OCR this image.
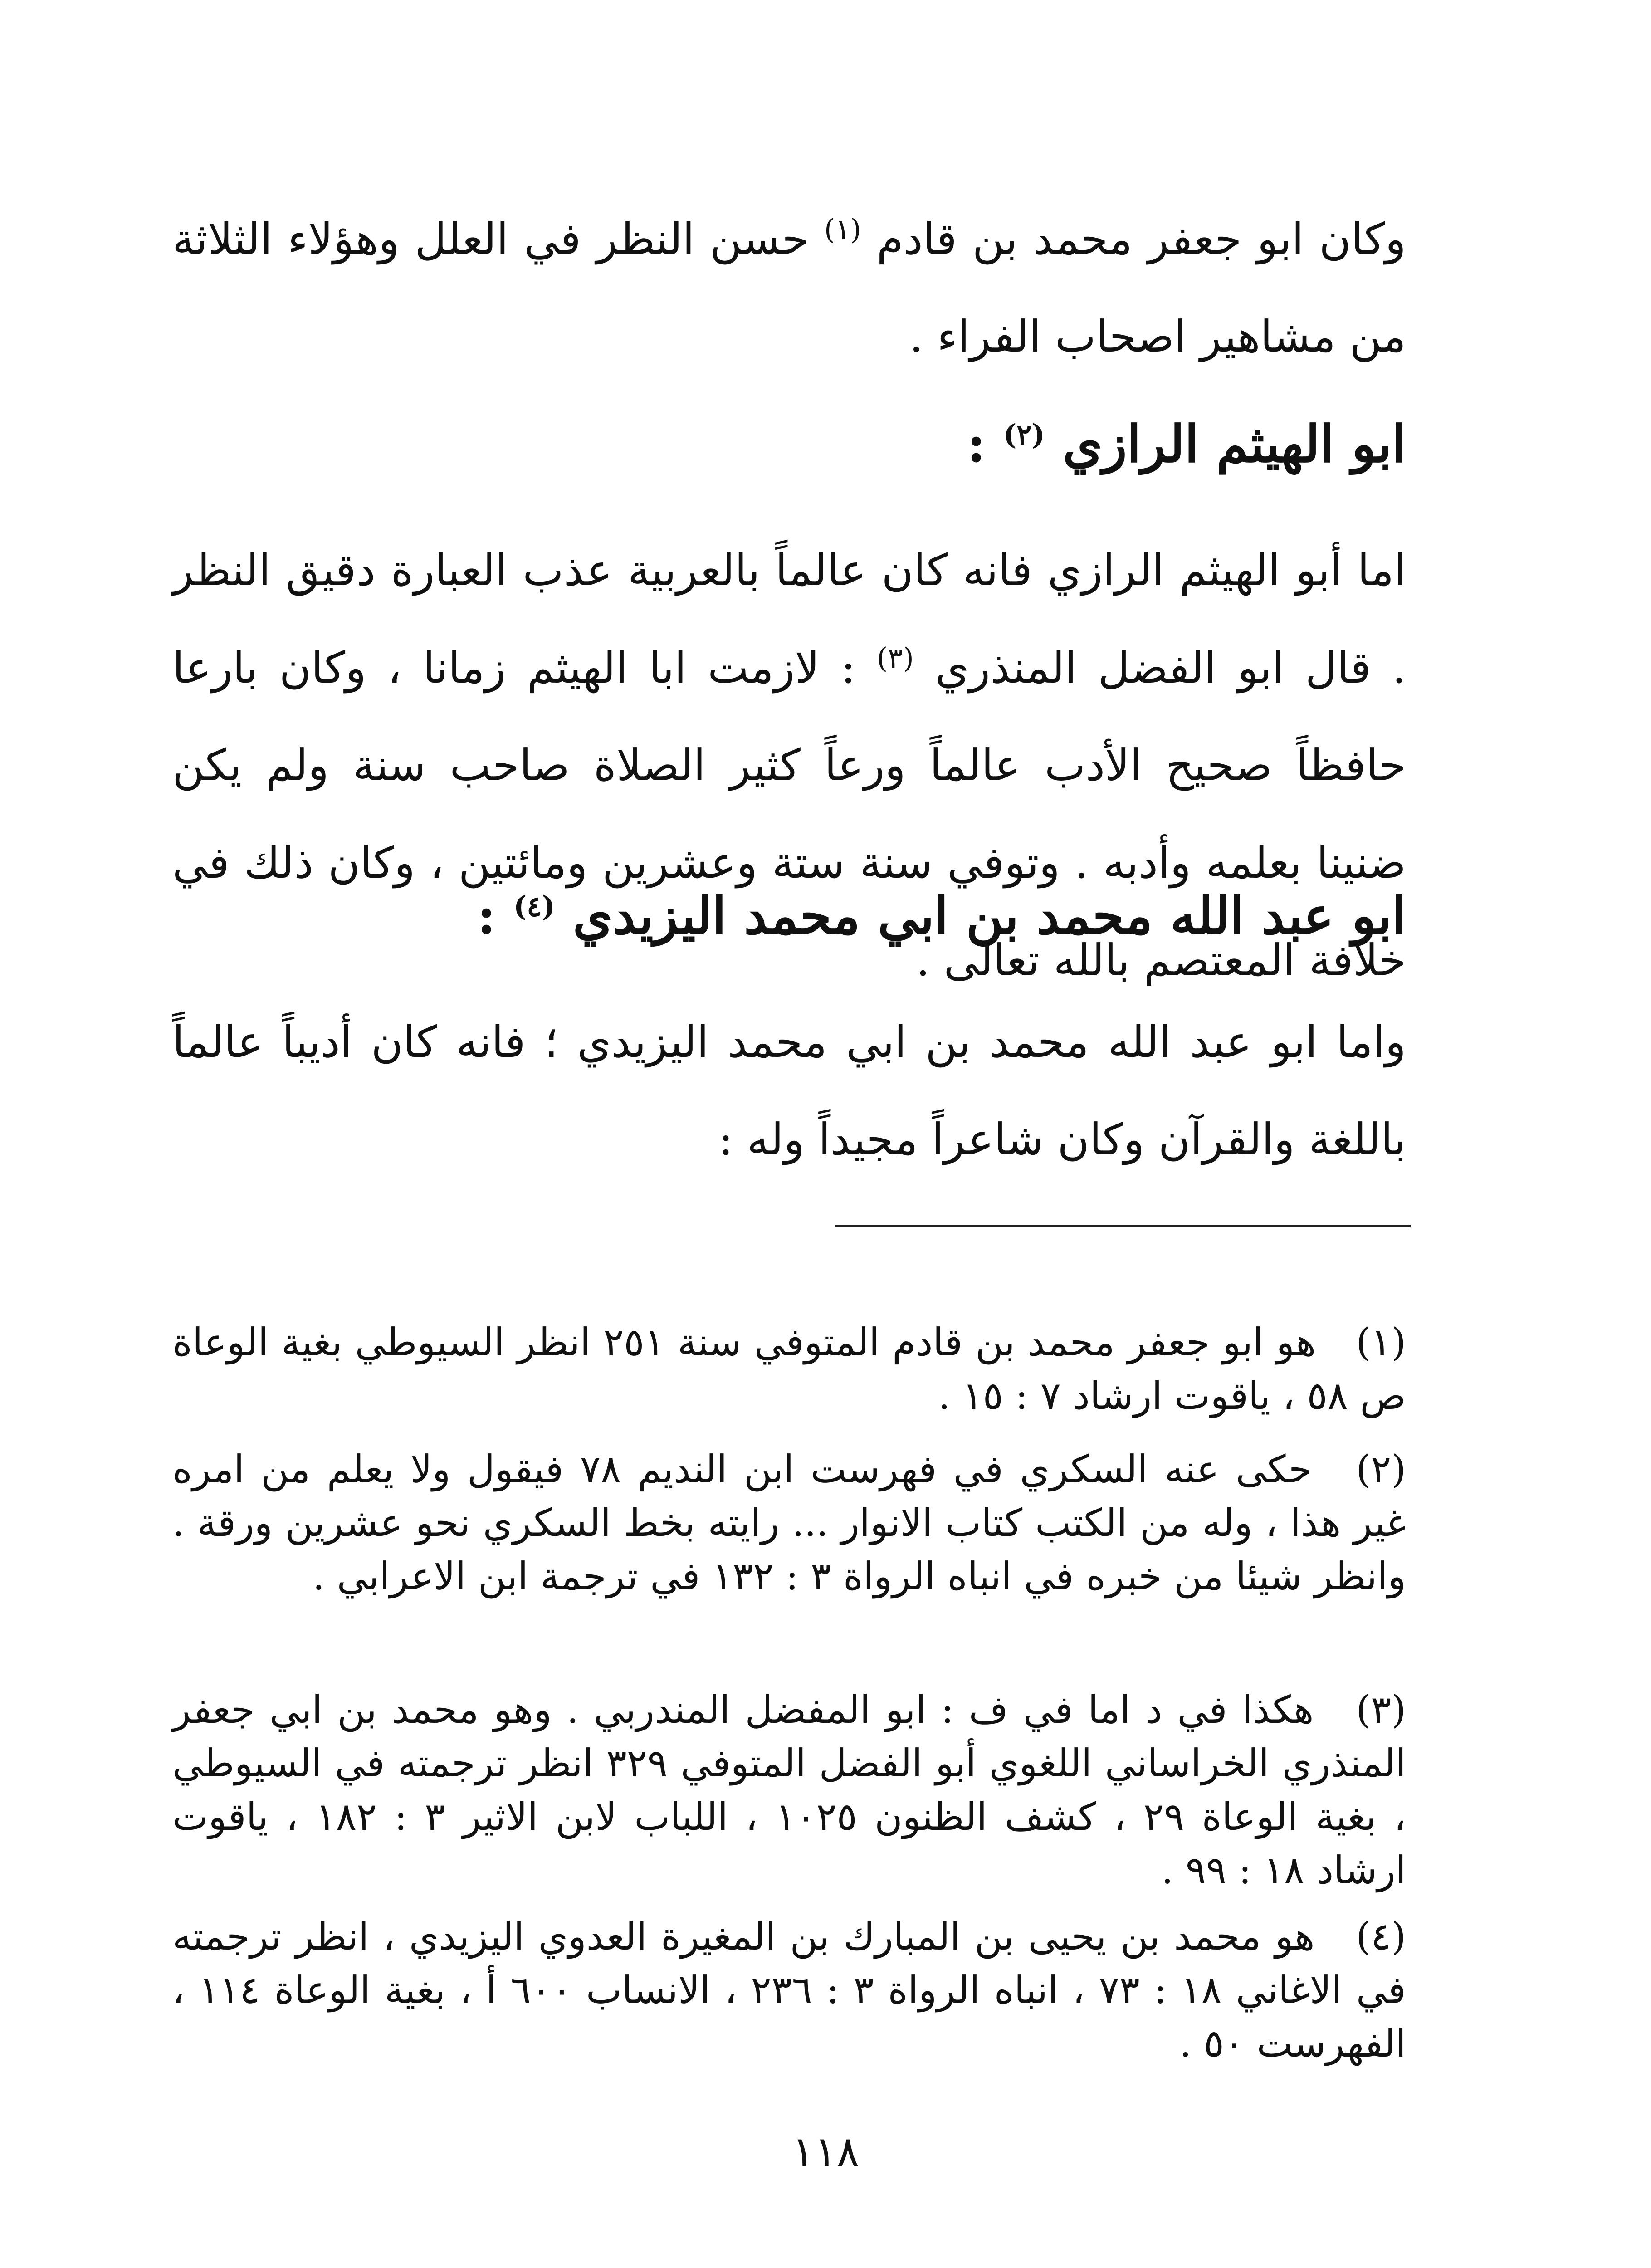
وكان ابو جعفر محمد بن قادم $^{(١)}$ حسن النظر في العلل وهؤلاء الثلاثة من مشاهير اصحاب الفراء .
ابو الهيثم الرازي $^{(٢)}$ :
اما أبو الهيثم الرازي فانه كان عالماً بالعربية عذب العبارة دقيق النظر . قال ابو الفضل المنذري $^{(٣)}$ : لازمت ابا الهيثم زمانا ، وكان بارعا حافظاً صحيح الأدب عالماً ورعاً كثير الصلاة صاحب سنة ولم يكن ضنينا بعلمه وأدبه . وتوفي سنة ستة وعشرين ومائتين ، وكان ذلك في خلافة المعتصم بالله تعالى .
ابو عبد الله محمد بن ابي محمد اليزيدي $^{(٤)}$ :
واما ابو عبد الله محمد بن ابي محمد اليزيدي ؛ فانه كان أديباً عالماً باللغة والقرآن وكان شاعراً مجيداً وله :
(١) هو ابو جعفر محمد بن قادم المتوفي سنة ٢٥١ انظر السيوطي بغية الوعاة ص ٥٨ ، ياقوت ارشاد ٧ : ١٥ .
(٢) حكى عنه السكري في فهرست ابن النديم ٧٨ فيقول ولا يعلم من امره غير هذا ، وله من الكتب كتاب الانوار ... رايته بخط السكري نحو عشرين ورقة . وانظر شيئا من خبره في انباه الرواة ٣ : ١٣٢ في ترجمة ابن الاعرابي .
(٣) هكذا في د اما في ف : ابو المفضل المندربي . وهو محمد بن ابي جعفر المنذري الخراساني اللغوي أبو الفضل المتوفي ٣٢٩ انظر ترجمته في السيوطي ، بغية الوعاة ٢٩ ، كشف الظنون ١٠٢٥ ، اللباب لابن الاثير ٣ : ١٨٢ ، ياقوت ارشاد ١٨ : ٩٩ .
(٤) هو محمد بن يحيى بن المبارك بن المغيرة العدوي اليزيدي ، انظر ترجمته في الاغاني ١٨ : ٧٣ ، انباه الرواة ٣ : ٢٣٦ ، الانساب ٦٠٠ أ ، بغية الوعاة ١١٤ ، الفهرست ٥٠ .
١١٨
